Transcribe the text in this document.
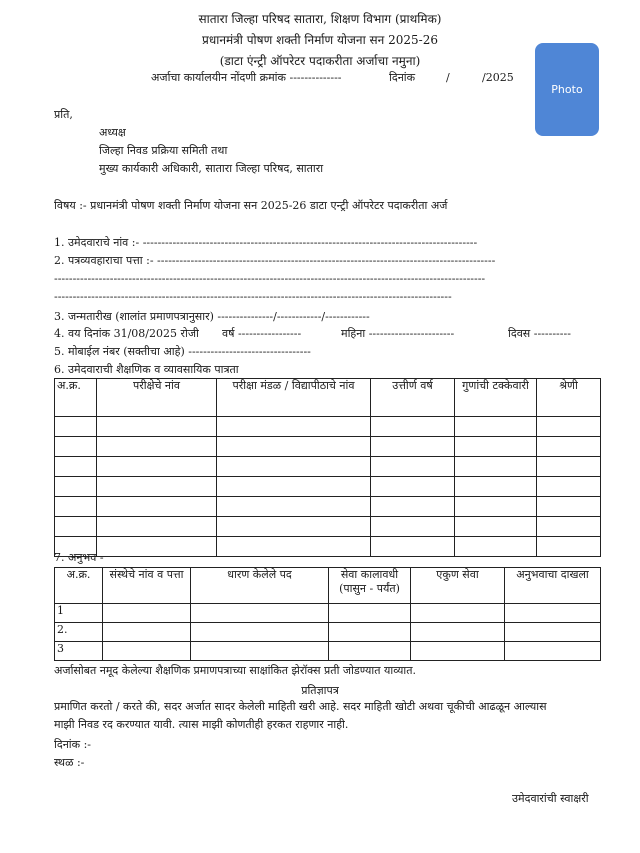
सातारा जिल्हा परिषद सातारा, शिक्षण विभाग (प्राथमिक)
प्रधानमंत्री पोषण शक्ती निर्माण योजना सन 2025-26
(डाटा एंन्ट्री ऑपरेटर पदाकरीता अर्जाचा नमुना)
अर्जाचा कार्यालयीन नोंदणी क्रमांक --------------	दिनांक	/	/2025
Photo
प्रति,
अध्यक्ष
जिल्हा निवड प्रक्रिया समिती तथा
मुख्य कार्यकारी अधिकारी, सातारा जिल्हा परिषद, सातारा
विषय :- प्रधानमंत्री पोषण शक्ती निर्माण योजना सन 2025-26 डाटा एन्ट्री ऑपरेटर पदाकरीता अर्ज
1. उमेदवाराचे नांव :- ------------------------------------------------------------------------------------------
2. पत्रव्यवहाराचा पत्ता :- -------------------------------------------------------------------------------------------
--------------------------------------------------------------------------------------------------------------------
-----------------------------------------------------------------------------------------------------------
3. जन्मतारीख (शालांत प्रमाणपत्रानुसार) ---------------/------------/------------
4. वय दिनांक 31/08/2025 रोजी वर्ष -----------------	महिना -----------------------	दिवस ----------
5. मोबाईल नंबर (सक्तीचा आहे) ---------------------------------
6. उमेदवाराची शैक्षणिक व व्यावसायिक पात्रता
अ.क्र.	परीक्षेचे नांव	परीक्षा मंडळ / विद्यापीठाचे नांव	उत्तीर्ण वर्ष	गुणांची टक्केवारी	श्रेणी

7. अनुभव -
अ.क्र.	संस्थेचे नांव व पत्ता	धारण केलेले पद	सेवा कालावधी (पासुन - पर्यंत)	एकुण सेवा	अनुभवाचा दाखला
1					
2.					
3					
अर्जासोबत नमूद केलेल्या शैक्षणिक प्रमाणपत्राच्या साक्षांकित झेरॉक्स प्रती जोडण्यात याव्यात.
प्रतिज्ञापत्र
प्रमाणित करतो / करते की, सदर अर्जात सादर केलेली माहिती खरी आहे. सदर माहिती खोटी अथवा चूकीची आढळून आल्यास
माझी निवड रद करण्यात यावी. त्यास माझी कोणतीही हरकत राहणार नाही.
दिनांक :-
स्थळ :-
उमेदवारांची स्वाक्षरी
